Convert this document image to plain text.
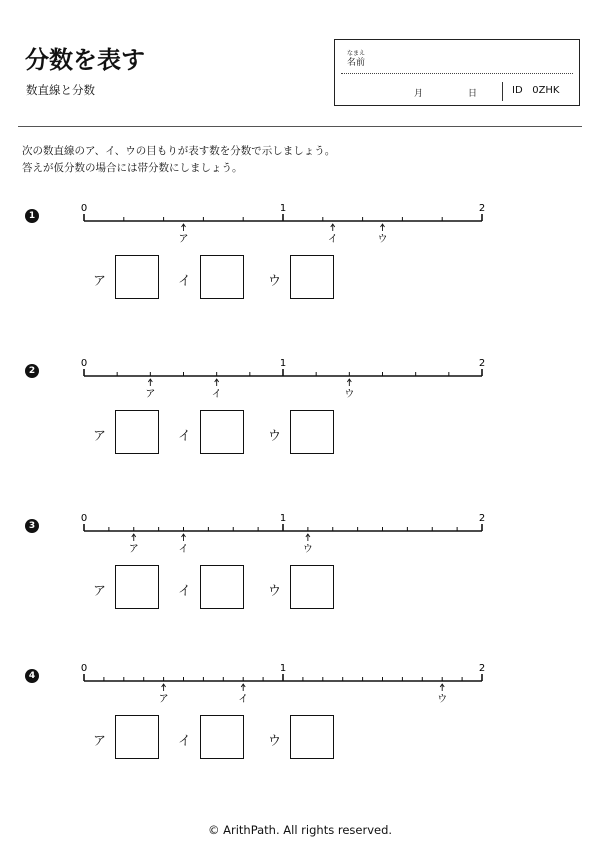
分数を表す
数直線と分数
なまえ
名前
月	日	ID 0ZHK
次の数直線のア、イ、ウの目もりが表す数を分数で示しましょう。
答えが仮分数の場合には帯分数にしましょう。
1
0	1	2
ア	イ	ウ
ア	イ	ウ
2
0	1	2
ア	イ	ウ
ア	イ	ウ
3
0	1	2
ア	イ	ウ
ア	イ	ウ
4
0	1	2
ア	イ	ウ
ア	イ	ウ
© ArithPath. All rights reserved.
